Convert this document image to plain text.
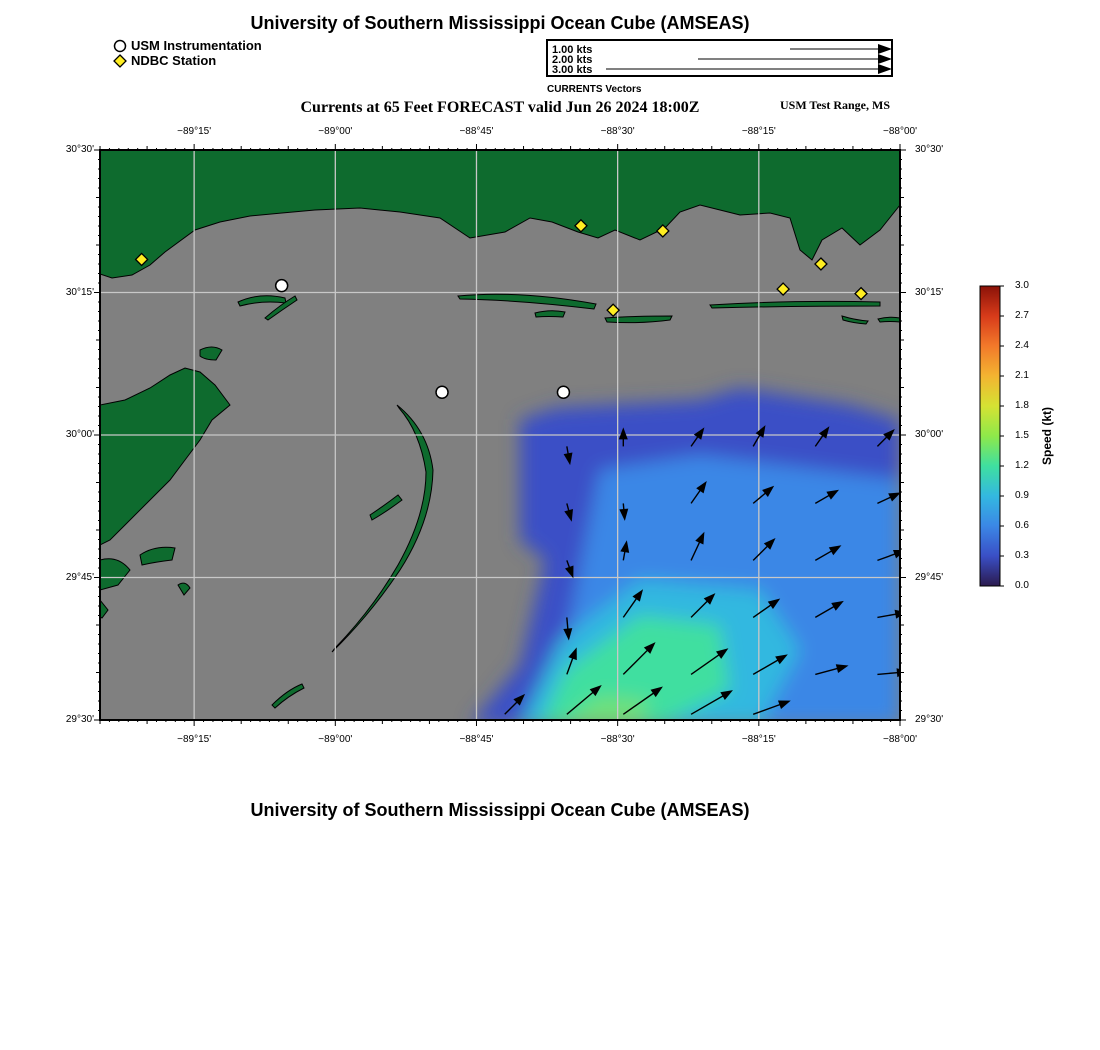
University of Southern Mississippi Ocean Cube (AMSEAS)
USM Instrumentation
NDBC Station
1.00 kts
2.00 kts
3.00 kts
CURRENTS Vectors
Currents at 65 Feet FORECAST valid Jun 26 2024 18:00Z	USM Test Range, MS
−89°15'
−89°15'
−89°00'
−89°00'
−88°45'
−88°45'
−88°30'
−88°30'
−88°15'
−88°15'
−88°00'
−88°00'
29°30'	29°30'
29°45'	29°45'
30°00'	30°00'
30°15'	30°15'
30°30'	30°30'
0.0
0.3
0.6
0.9
1.2
1.5
1.8
2.1
2.4
2.7
3.0
Speed (kt)
University of Southern Mississippi Ocean Cube (AMSEAS)
